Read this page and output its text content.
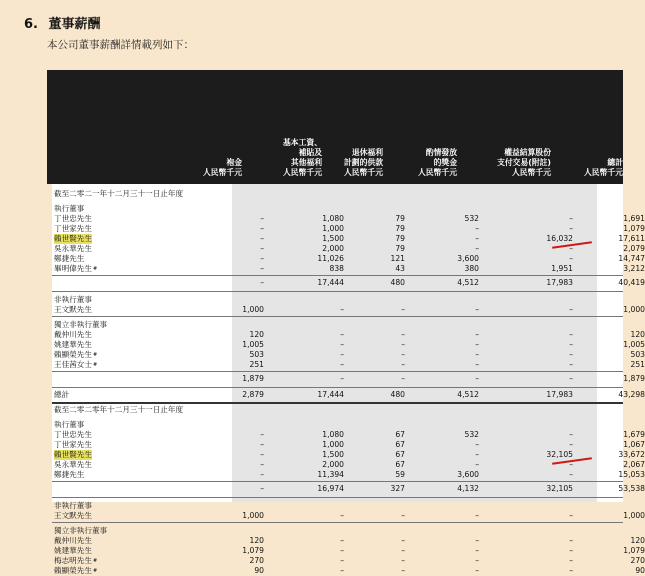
6. 董事薪酬
本公司董事薪酬詳情載列如下：
袍金
人民幣千元
基本工資、
補貼及
其他福利
人民幣千元
退休福利
計劃的供款
人民幣千元
酌情發放
的獎金
人民幣千元
權益結算股份
支付交易(附註)
人民幣千元
總計
人民幣千元
截至二零二一年十二月三十一日止年度
執行董事
丁世忠先生	–	1,080	79	532	–	1,691
丁世家先生	–	1,000	79	–	–	1,079
賴世賢先生	–	1,500	79	–	16,032	17,611
吳永華先生	–	2,000	79	–	–	2,079
鄭捷先生	–	11,026	121	3,600	–	14,747
畢明偉先生#	–	838	43	380	1,951	3,212
–	17,444	480	4,512	17,983	40,419
非執行董事
王文默先生	1,000	–	–	–	–	1,000
獨立非執行董事
戴仲川先生	120	–	–	–	–	120
姚建華先生	1,005	–	–	–	–	1,005
賴顯榮先生#	503	–	–	–	–	503
王佳茜女士#	251	–	–	–	–	251
1,879	–	–	–	–	1,879
總計	2,879	17,444	480	4,512	17,983	43,298
截至二零二零年十二月三十一日止年度
執行董事
丁世忠先生	–	1,080	67	532	–	1,679
丁世家先生	–	1,000	67	–	–	1,067
賴世賢先生	–	1,500	67	–	32,105	33,672
吳永華先生	–	2,000	67	–	–	2,067
鄭捷先生	–	11,394	59	3,600	–	15,053
–	16,974	327	4,132	32,105	53,538
非執行董事
王文默先生	1,000	–	–	–	–	1,000
獨立非執行董事
戴仲川先生	120	–	–	–	–	120
姚建華先生	1,079	–	–	–	–	1,079
梅志明先生#	270	–	–	–	–	270
賴顯榮先生#	90	–	–	–	–	90
